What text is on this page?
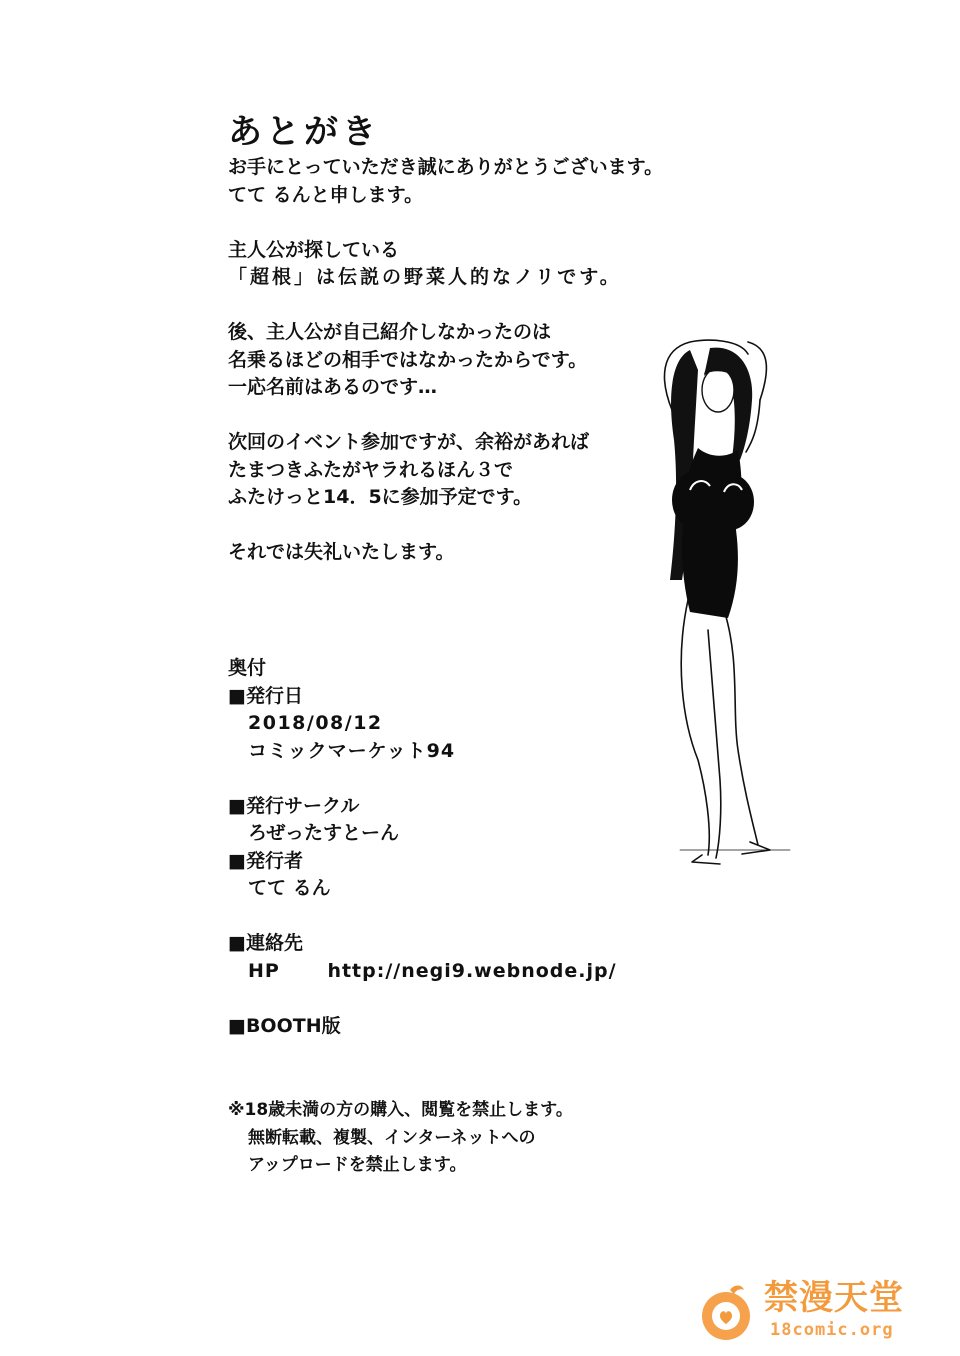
あとがき
お手にとっていただき誠にありがとうございます。
てて るんと申します。
主人公が探している
「超根」は伝説の野菜人的なノリです。
後、主人公が自己紹介しなかったのは
名乗るほどの相手ではなかったからです。
一応名前はあるのです…
次回のイベント参加ですが、余裕があれば
たまつきふたがヤラれるほん３で
ふたけっと14．5に参加予定です。
それでは失礼いたします。
奥付
■発行日
2018/08/12
コミックマーケット94
■発行サークル
ろぜったすとーん
■発行者
てて るん
■連絡先
HP　　 http://negi9.webnode.jp/
■BOOTH版
※18歳未満の方の購入、閲覧を禁止します。
無断転載、複製、インターネットへの
アップロードを禁止します。
禁漫天堂
18comic.org
